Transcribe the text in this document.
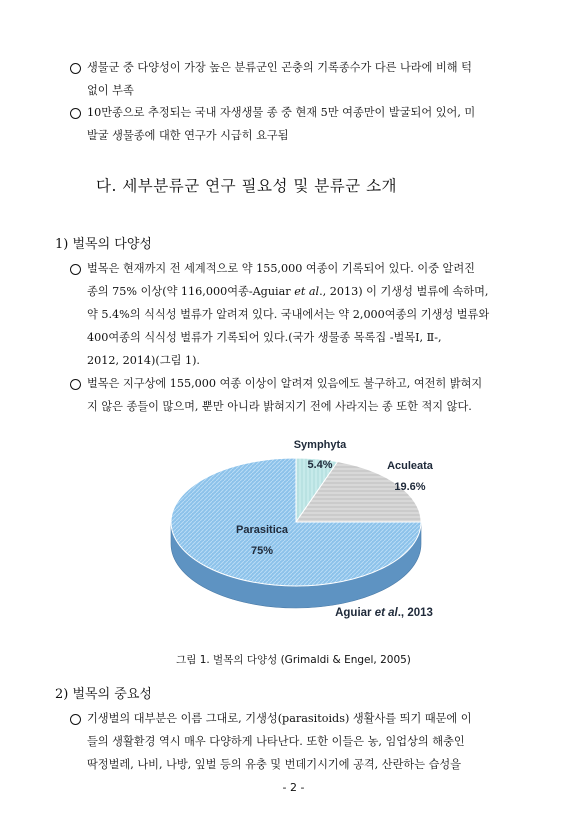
생물군 중 다양성이 가장 높은 분류군인 곤충의 기록종수가 다른 나라에 비해 턱
없이 부족
10만종으로 추정되는 국내 자생생물 종 중 현재 5만 여종만이 발굴되어 있어, 미
발굴 생물종에 대한 연구가 시급히 요구됨
다. 세부분류군 연구 필요성 및 분류군 소개
1) 벌목의 다양성
벌목은 현재까지 전 세계적으로 약 155,000 여종이 기록되어 있다. 이중 알려진
종의 75% 이상(약 116,000여종-Aguiar et al., 2013) 이 기생성 벌류에 속하며,
약 5.4%의 식식성 벌류가 알려져 있다. 국내에서는 약 2,000여종의 기생성 벌류와
400여종의 식식성 벌류가 기록되어 있다.(국가 생물종 목록집 -벌목Ⅰ, Ⅱ-,
2012, 2014)(그림 1).
벌목은 지구상에 155,000 여종 이상이 알려져 있음에도 불구하고, 여전히 밝혀지
지 않은 종들이 많으며, 뿐만 아니라 밝혀지기 전에 사라지는 종 또한 적지 않다.
Parasitica
75%
Aculeata
19.6%
Symphyta
5.4%
Aguiar et al., 2013
그림 1. 벌목의 다양성 (Grimaldi & Engel, 2005)
2) 벌목의 중요성
기생벌의 대부분은 이름 그대로, 기생성(parasitoids) 생활사를 띄기 때문에 이
들의 생활환경 역시 매우 다양하게 나타난다. 또한 이들은 농, 임업상의 해충인
딱정벌레, 나비, 나방, 잎벌 등의 유충 및 번데기시기에 공격, 산란하는 습성을
- 2 -
